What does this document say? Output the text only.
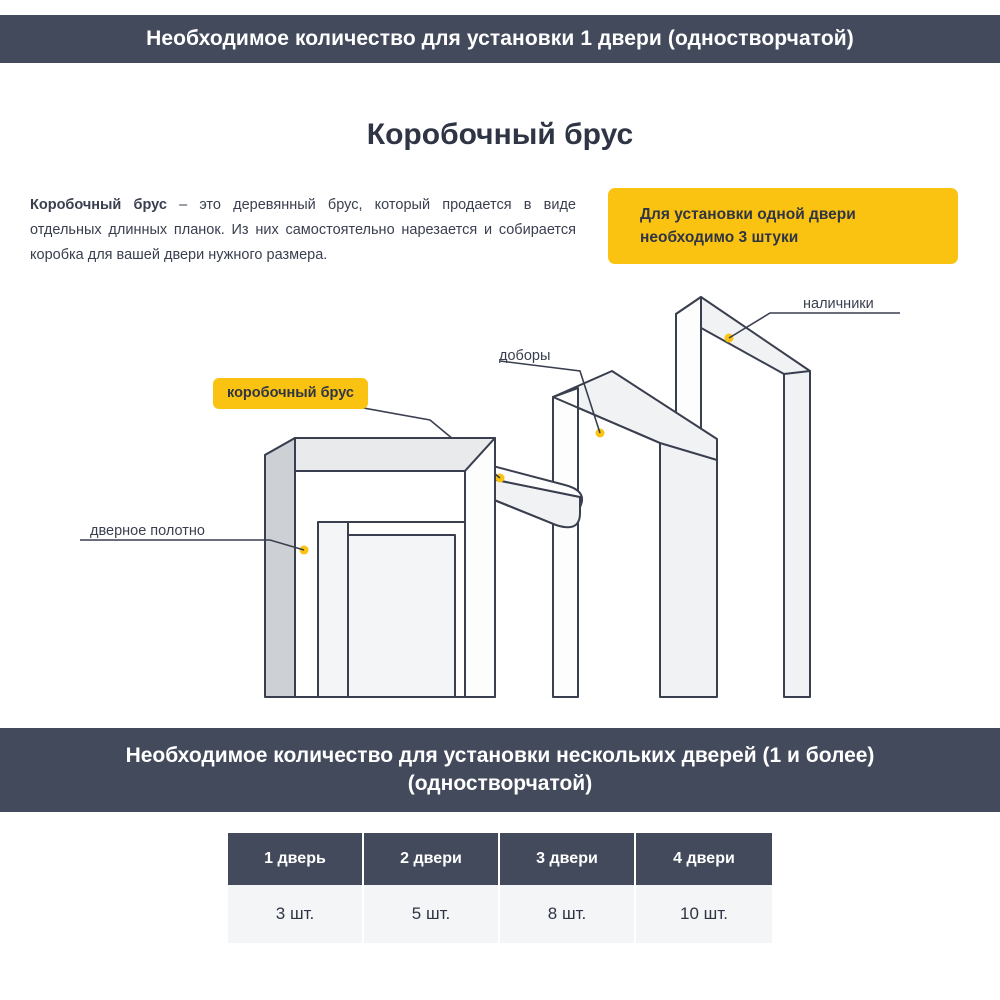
Необходимое количество для установки 1 двери (одностворчатой)
Коробочный брус
Коробочный брус – это деревянный брус, который продается в виде отдельных длинных планок. Из них самостоятельно нарезается и собирается коробка для вашей двери нужного размера.
Для установки одной двери
необходимо 3 штуки
наличники
доборы
дверное полотно
коробочный брус
Необходимое количество для установки нескольких дверей (1 и более)
(одностворчатой)
1 дверь	2 двери	3 двери	4 двери
3 шт.	5 шт.	8 шт.	10 шт.
